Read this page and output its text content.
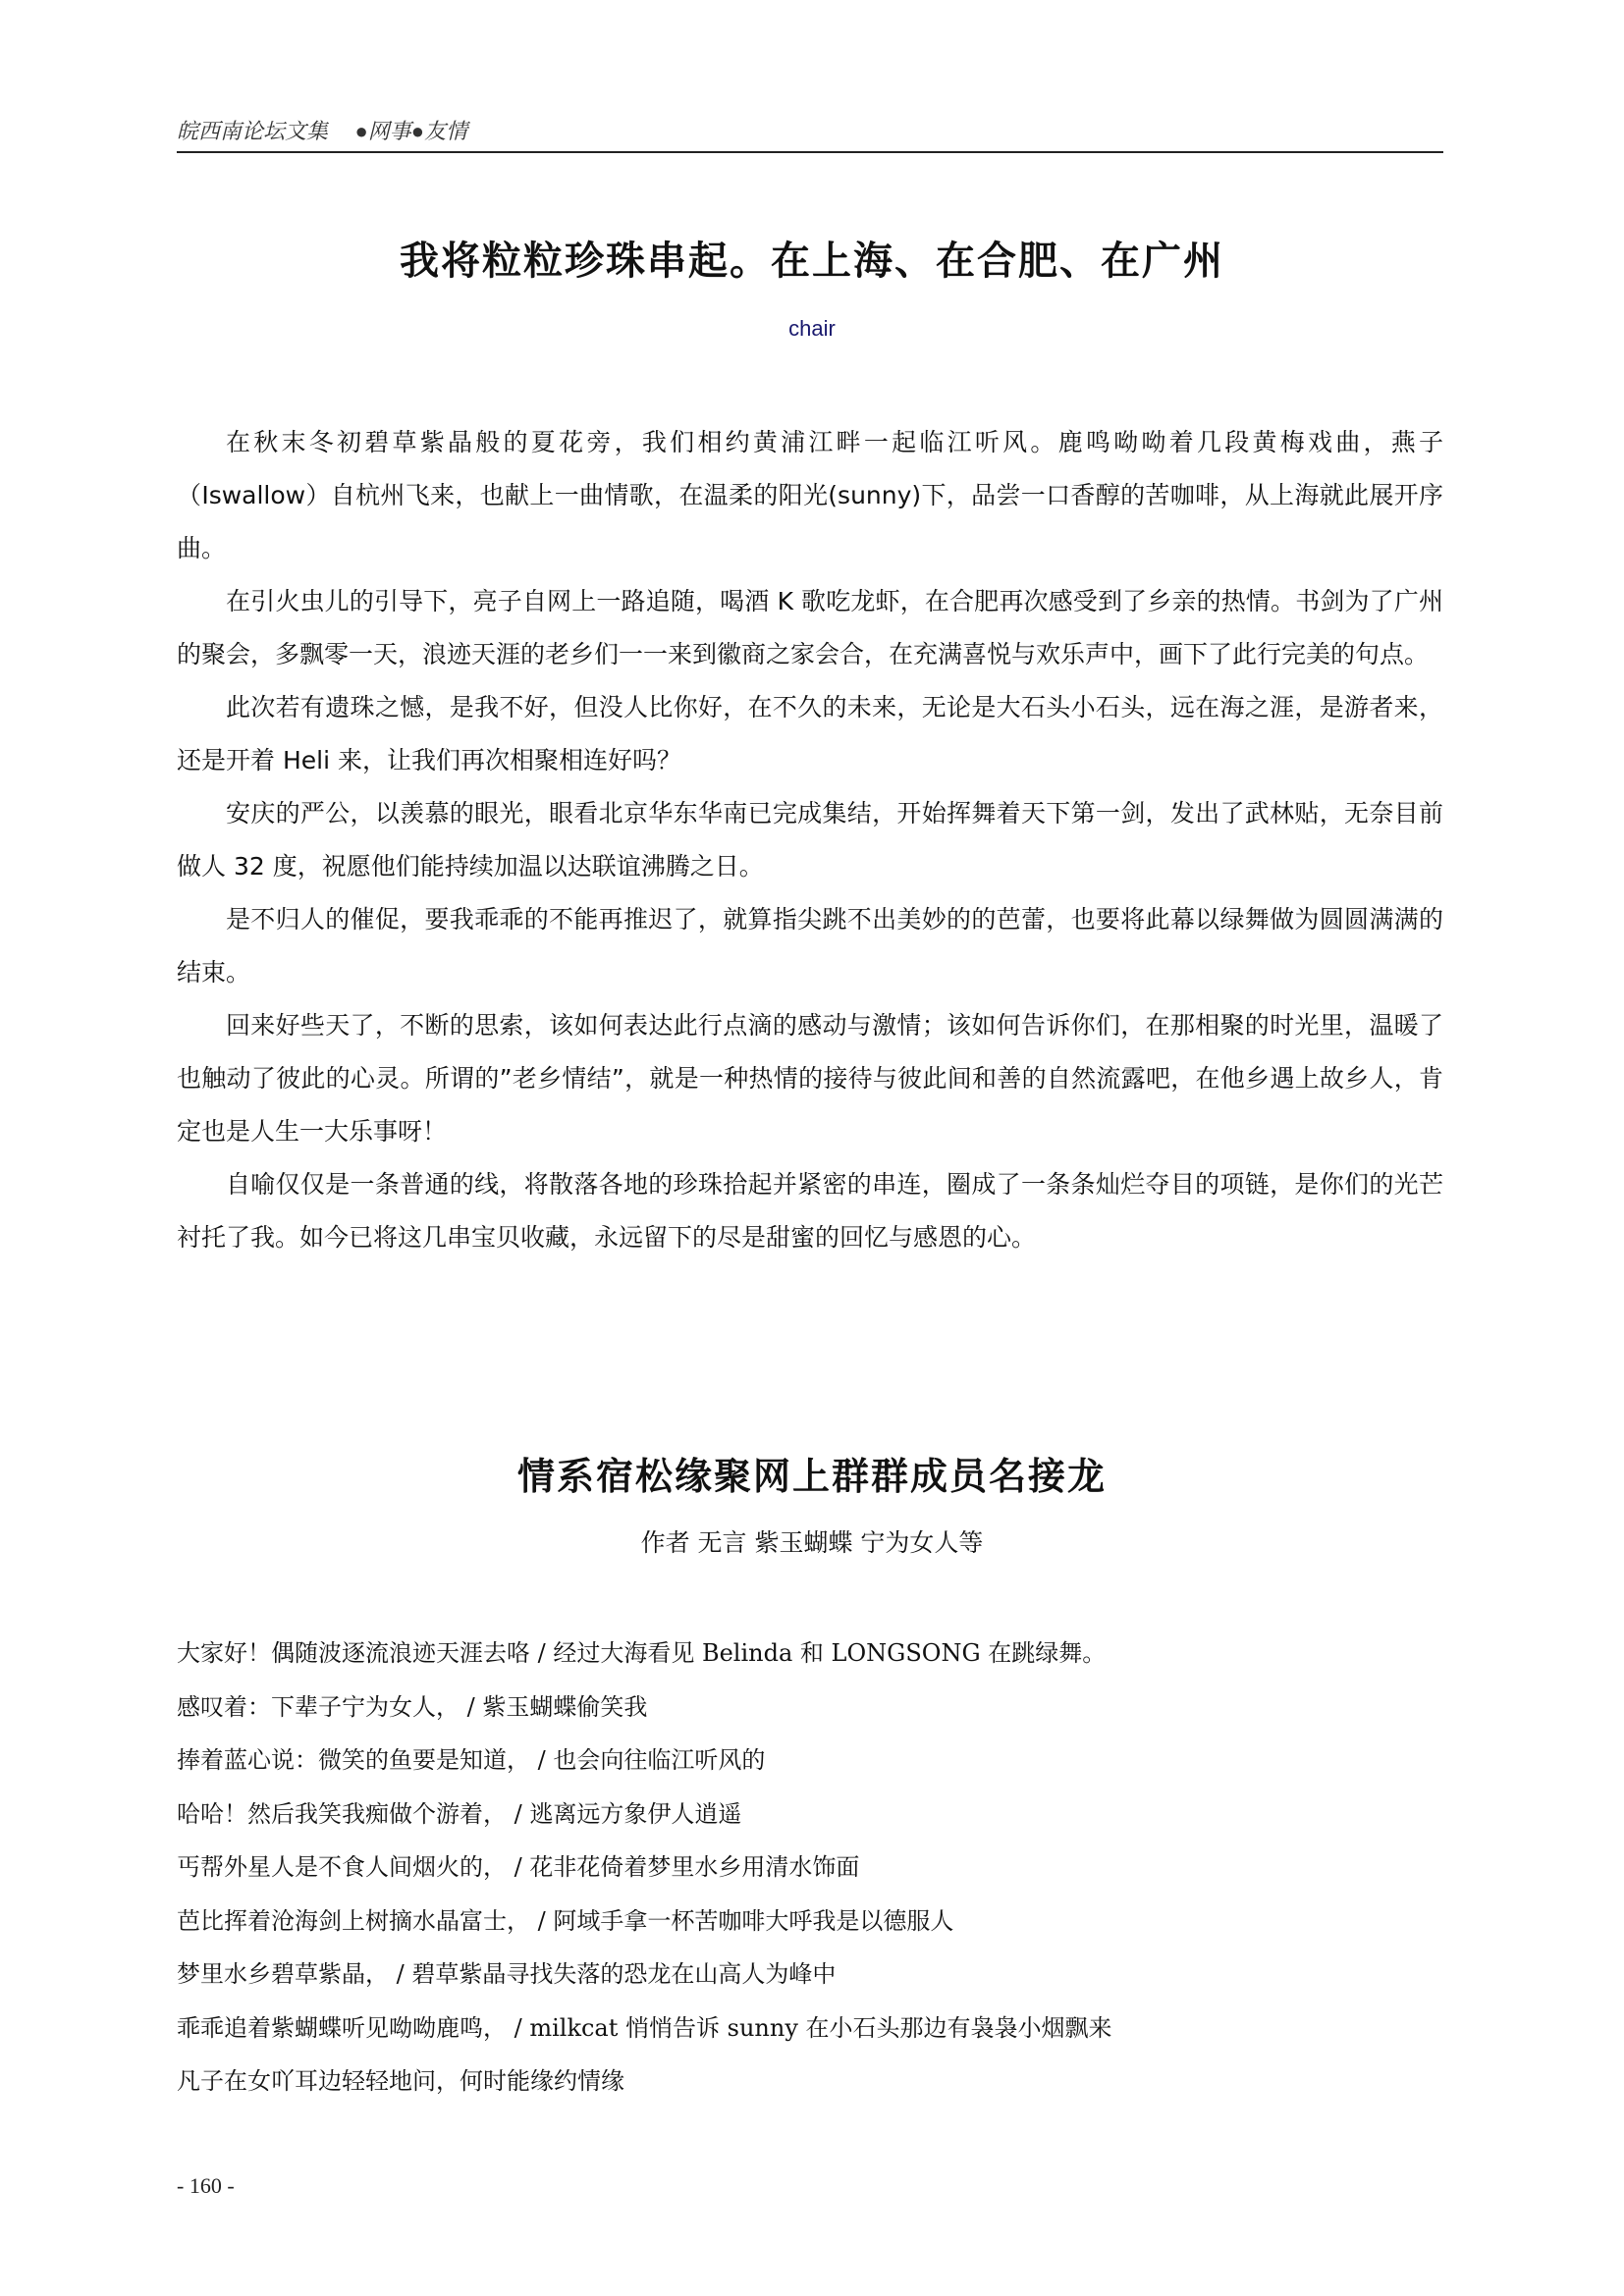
皖西南论坛文集 ●网事●友情
我将粒粒珍珠串起。在上海、在合肥、在广州
chair

在秋末冬初碧草紫晶般的夏花旁，我们相约黄浦江畔一起临江听风。鹿鸣呦呦着几段黄梅戏曲，燕子（Iswallow）自杭州飞来，也献上一曲情歌，在温柔的阳光(sunny)下，品尝一口香醇的苦咖啡，从上海就此展开序曲。

在引火虫儿的引导下，亮子自网上一路追随，喝酒 K 歌吃龙虾，在合肥再次感受到了乡亲的热情。书剑为了广州的聚会，多飘零一天，浪迹天涯的老乡们一一来到徽商之家会合，在充满喜悦与欢乐声中，画下了此行完美的句点。

此次若有遗珠之憾，是我不好，但没人比你好，在不久的未来，无论是大石头小石头，远在海之涯，是游者来，还是开着 Heli 来，让我们再次相聚相连好吗？

安庆的严公，以羡慕的眼光，眼看北京华东华南已完成集结，开始挥舞着天下第一剑，发出了武林贴，无奈目前做人 32 度，祝愿他们能持续加温以达联谊沸腾之日。

是不归人的催促，要我乖乖的不能再推迟了，就算指尖跳不出美妙的的芭蕾，也要将此幕以绿舞做为圆圆满满的结束。

回来好些天了，不断的思索，该如何表达此行点滴的感动与激情；该如何告诉你们，在那相聚的时光里，温暖了也触动了彼此的心灵。所谓的”老乡情结”，就是一种热情的接待与彼此间和善的自然流露吧，在他乡遇上故乡人，肯定也是人生一大乐事呀！

自喻仅仅是一条普通的线，将散落各地的珍珠拾起并紧密的串连，圈成了一条条灿烂夺目的项链，是你们的光芒衬托了我。如今已将这几串宝贝收藏，永远留下的尽是甜蜜的回忆与感恩的心。

情系宿松缘聚网上群群成员名接龙
作者 无言 紫玉蝴蝶 宁为女人等
大家好！偶随波逐流浪迹天涯去咯 / 经过大海看见 Belinda 和 LONGSONG 在跳绿舞。
感叹着：下辈子宁为女人， / 紫玉蝴蝶偷笑我
捧着蓝心说：微笑的鱼要是知道， / 也会向往临江听风的
哈哈！然后我笑我痴做个游着， / 逃离远方象伊人逍遥
丐帮外星人是不食人间烟火的， / 花非花倚着梦里水乡用清水饰面
芭比挥着沧海剑上树摘水晶富士， / 阿域手拿一杯苦咖啡大呼我是以德服人
梦里水乡碧草紫晶， / 碧草紫晶寻找失落的恐龙在山高人为峰中
乖乖追着紫蝴蝶听见呦呦鹿鸣， / milkcat 悄悄告诉 sunny 在小石头那边有袅袅小烟飘来
凡子在女吖耳边轻轻地问，何时能缘约情缘
- 160 -
